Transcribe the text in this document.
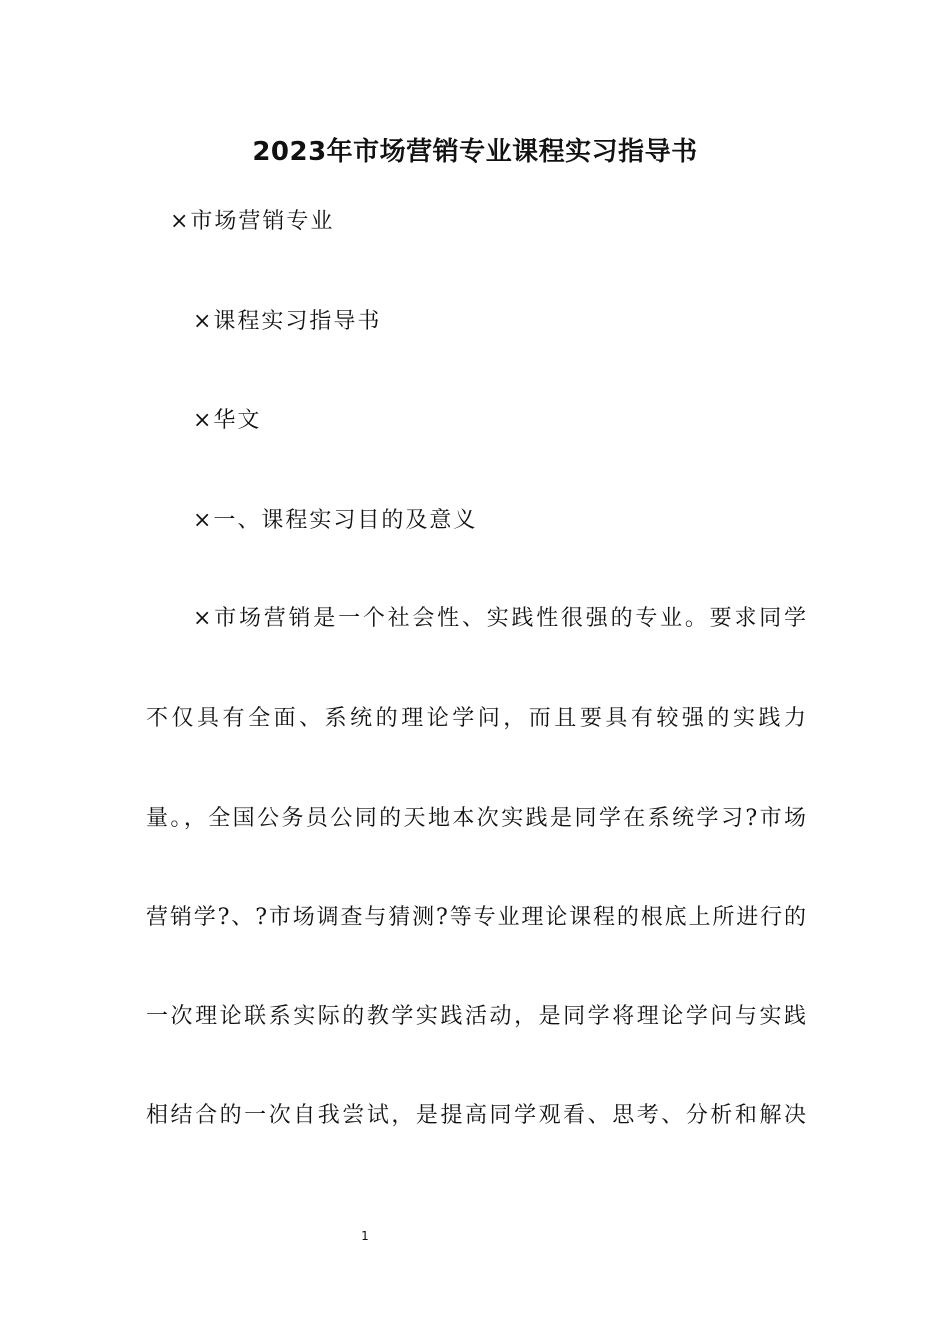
2023年市场营销专业课程实习指导书
×市场营销专业
×课程实习指导书
×华文
×一、课程实习目的及意义
×市场营销是一个社会性、实践性很强的专业。要求同学
不仅具有全面、系统的理论学问，而且要具有较强的实践力
量。，全国公务员公同的天地本次实践是同学在系统学习?市场
营销学?、?市场调查与猜测?等专业理论课程的根底上所进行的
一次理论联系实际的教学实践活动，是同学将理论学问与实践
相结合的一次自我尝试，是提高同学观看、思考、分析和解决
1
